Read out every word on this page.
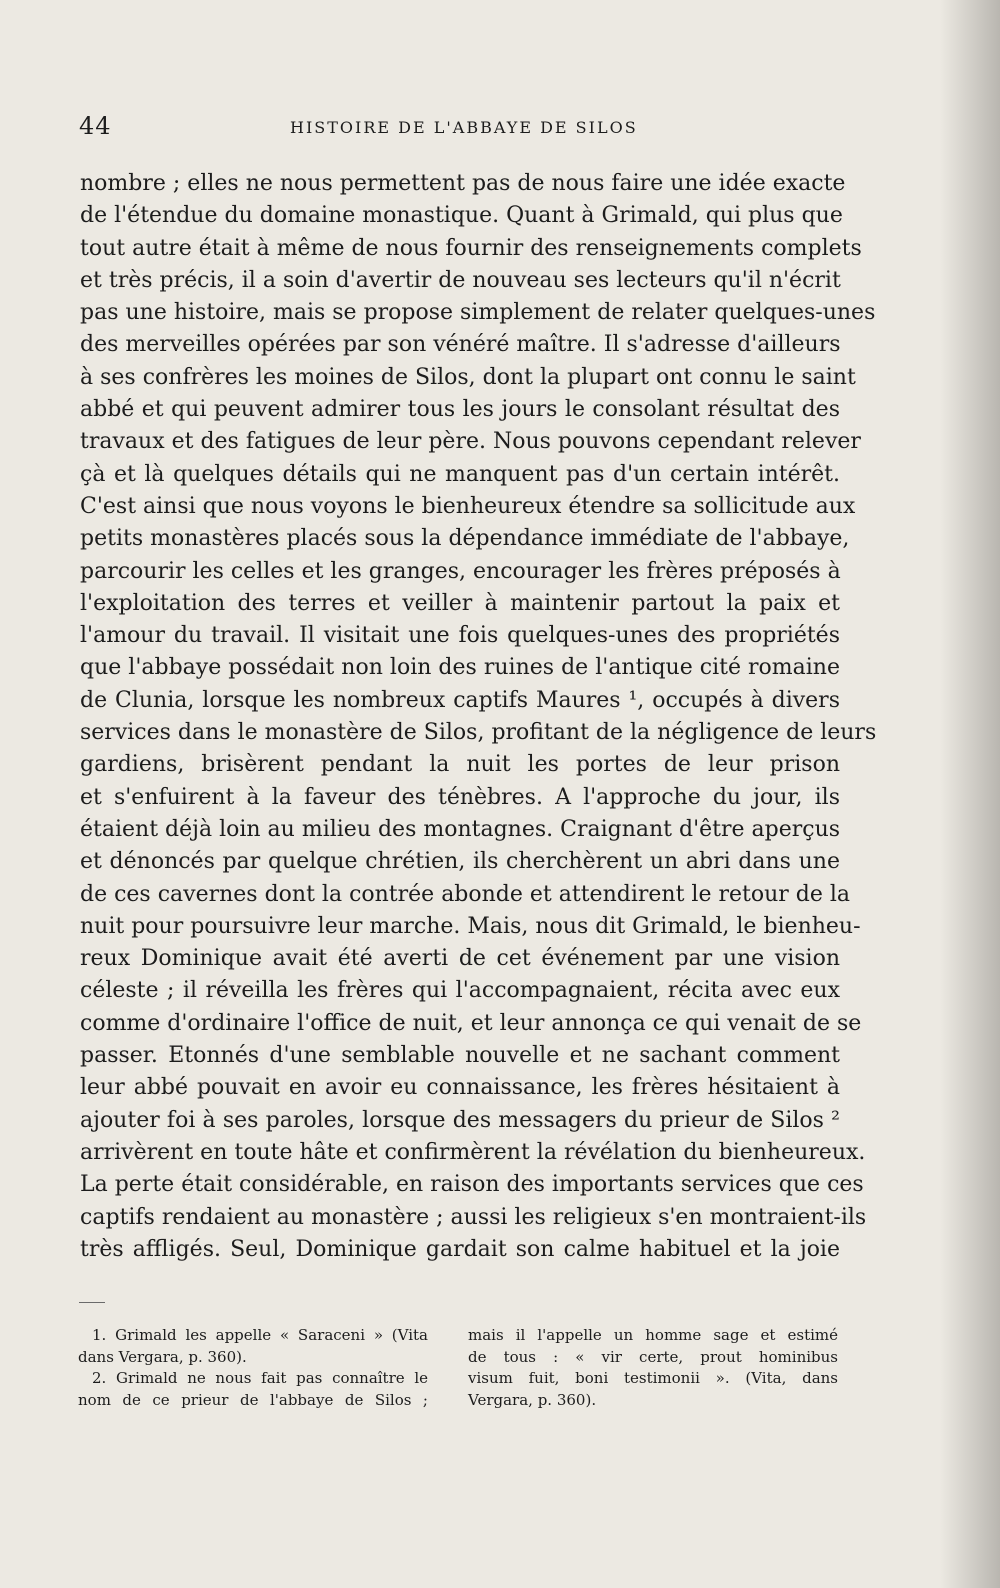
44	HISTOIRE DE L'ABBAYE DE SILOS
nombre ; elles ne nous permettent pas de nous faire une idée exacte
de l'étendue du domaine monastique. Quant à Grimald, qui plus que
tout autre était à même de nous fournir des renseignements complets
et très précis, il a soin d'avertir de nouveau ses lecteurs qu'il n'écrit
pas une histoire, mais se propose simplement de relater quelques-unes
des merveilles opérées par son vénéré maître. Il s'adresse d'ailleurs
à ses confrères les moines de Silos, dont la plupart ont connu le saint
abbé et qui peuvent admirer tous les jours le consolant résultat des
travaux et des fatigues de leur père. Nous pouvons cependant relever
çà et là quelques détails qui ne manquent pas d'un certain intérêt.
C'est ainsi que nous voyons le bienheureux étendre sa sollicitude aux
petits monastères placés sous la dépendance immédiate de l'abbaye,
parcourir les celles et les granges, encourager les frères préposés à
l'exploitation des terres et veiller à maintenir partout la paix et
l'amour du travail. Il visitait une fois quelques-unes des propriétés
que l'abbaye possédait non loin des ruines de l'antique cité romaine
de Clunia, lorsque les nombreux captifs Maures ¹, occupés à divers
services dans le monastère de Silos, profitant de la négligence de leurs
gardiens, brisèrent pendant la nuit les portes de leur prison
et s'enfuirent à la faveur des ténèbres. A l'approche du jour, ils
étaient déjà loin au milieu des montagnes. Craignant d'être aperçus
et dénoncés par quelque chrétien, ils cherchèrent un abri dans une
de ces cavernes dont la contrée abonde et attendirent le retour de la
nuit pour poursuivre leur marche. Mais, nous dit Grimald, le bienheu-
reux Dominique avait été averti de cet événement par une vision
céleste ; il réveilla les frères qui l'accompagnaient, récita avec eux
comme d'ordinaire l'office de nuit, et leur annonça ce qui venait de se
passer. Etonnés d'une semblable nouvelle et ne sachant comment
leur abbé pouvait en avoir eu connaissance, les frères hésitaient à
ajouter foi à ses paroles, lorsque des messagers du prieur de Silos ²
arrivèrent en toute hâte et confirmèrent la révélation du bienheureux.
La perte était considérable, en raison des importants services que ces
captifs rendaient au monastère ; aussi les religieux s'en montraient-ils
très affligés. Seul, Dominique gardait son calme habituel et la joie
1. Grimald les appelle « Saraceni » (Vita
dans Vergara, p. 360).
2. Grimald ne nous fait pas connaître le
nom de ce prieur de l'abbaye de Silos ;
mais il l'appelle un homme sage et estimé
de tous : « vir certe, prout hominibus
visum fuit, boni testimonii ». (Vita, dans
Vergara, p. 360).
